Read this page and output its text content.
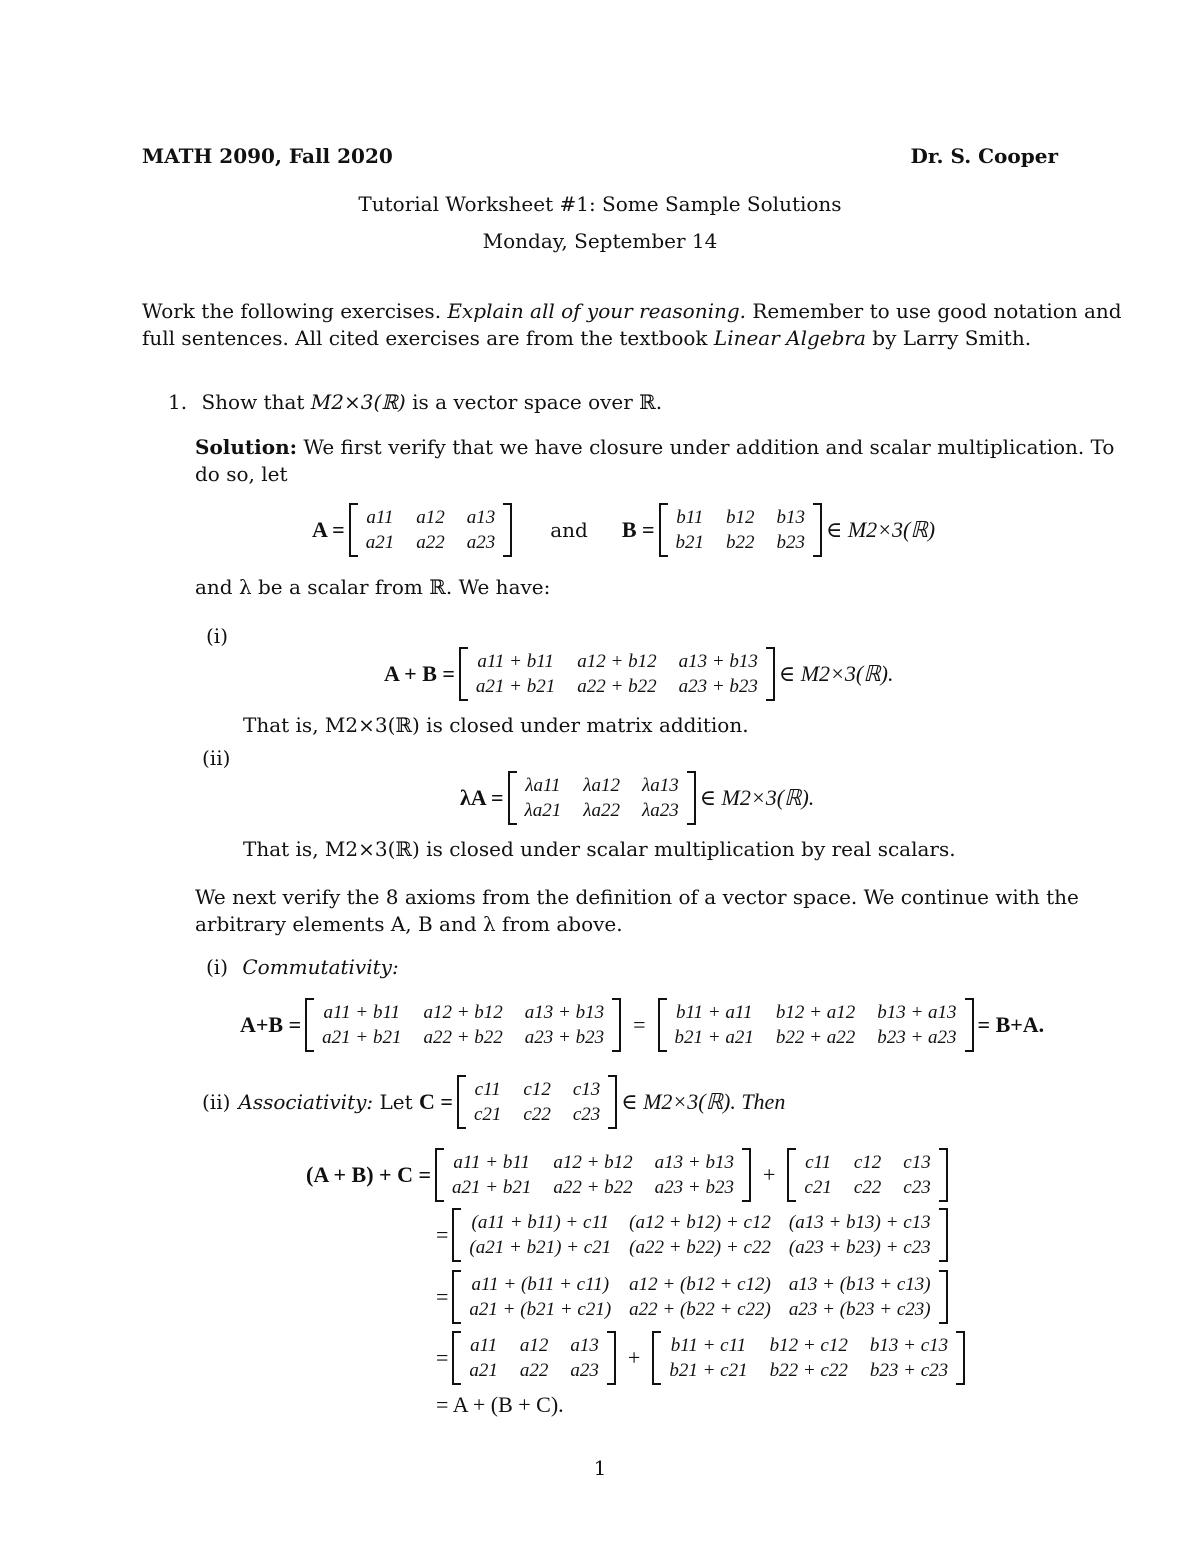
MATH 2090, Fall 2020	Dr. S. Cooper
Tutorial Worksheet #1: Some Sample Solutions
Monday, September 14
Work the following exercises. Explain all of your reasoning. Remember to use good notation and
full sentences. All cited exercises are from the textbook Linear Algebra by Larry Smith.
1. Show that M2×3(ℝ) is a vector space over ℝ.
Solution: We first verify that we have closure under addition and scalar multiplication. To
do so, let
A = a11 a12 a13
a21 a22 a23
and B = b11 b12 b13
b21 b22 b23
∈ M2×3(ℝ)
and λ be a scalar from ℝ. We have:
(i)
A + B = a11 + b11 a12 + b12 a13 + b13
a21 + b21 a22 + b22 a23 + b23
∈ M2×3(ℝ).
That is, M2×3(ℝ) is closed under matrix addition.
(ii)
λA = λa11 λa12 λa13
λa21 λa22 λa23
∈ M2×3(ℝ).
That is, M2×3(ℝ) is closed under scalar multiplication by real scalars.
We next verify the 8 axioms from the definition of a vector space. We continue with the
arbitrary elements A, B and λ from above.
(i) Commutativity:
A+B = a11 + b11 a12 + b12 a13 + b13
a21 + b21 a22 + b22 a23 + b23
= b11 + a11 b12 + a12 b13 + a13
b21 + a21 b22 + a22 b23 + a23
= B+A.
(ii) Associativity: Let C = c11 c12 c13
c21 c22 c23
∈ M2×3(ℝ). Then
(A + B) + C = a11 + b11 a12 + b12 a13 + b13
a21 + b21 a22 + b22 a23 + b23
+ c11 c12 c13
c21 c22 c23
= (a11 + b11) + c11 (a12 + b12) + c12 (a13 + b13) + c13
(a21 + b21) + c21 (a22 + b22) + c22 (a23 + b23) + c23
= a11 + (b11 + c11) a12 + (b12 + c12) a13 + (b13 + c13)
a21 + (b21 + c21) a22 + (b22 + c22) a23 + (b23 + c23)
= a11 a12 a13
a21 a22 a23
+ b11 + c11 b12 + c12 b13 + c13
b21 + c21 b22 + c22 b23 + c23
= A + (B + C).
1
